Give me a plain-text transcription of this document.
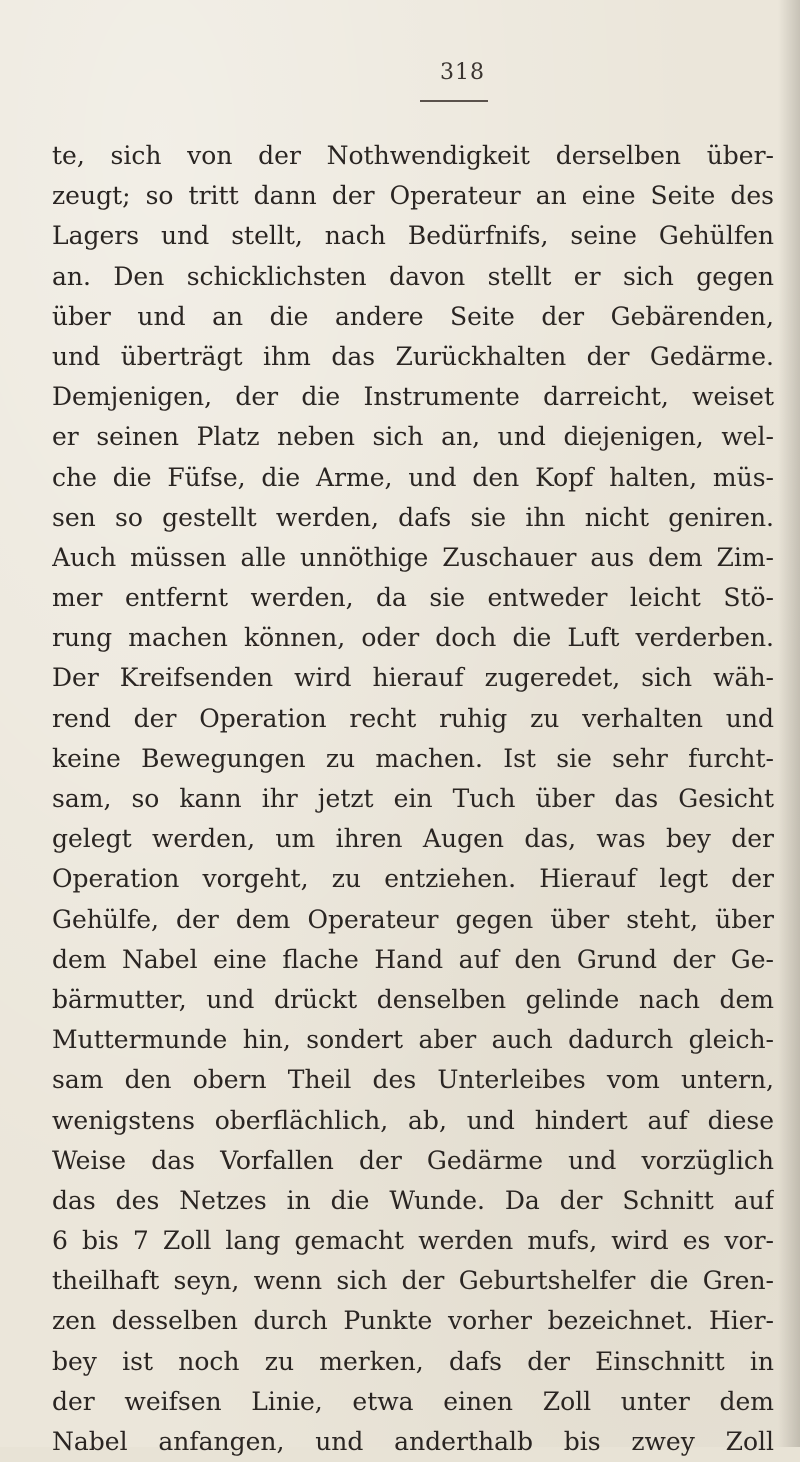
318
te, sich von der Nothwendigkeit derselben über-
zeugt; so tritt dann der Operateur an eine Seite des
Lagers und stellt, nach Bedürfnifs, seine Gehülfen
an. Den schicklichsten davon stellt er sich gegen
über und an die andere Seite der Gebärenden,
und überträgt ihm das Zurückhalten der Gedärme.
Demjenigen, der die Instrumente darreicht, weiset
er seinen Platz neben sich an, und diejenigen, wel-
che die Füfse, die Arme, und den Kopf halten, müs-
sen so gestellt werden, dafs sie ihn nicht geniren.
Auch müssen alle unnöthige Zuschauer aus dem Zim-
mer entfernt werden, da sie entweder leicht Stö-
rung machen können, oder doch die Luft verderben.
Der Kreifsenden wird hierauf zugeredet, sich wäh-
rend der Operation recht ruhig zu verhalten und
keine Bewegungen zu machen. Ist sie sehr furcht-
sam, so kann ihr jetzt ein Tuch über das Gesicht
gelegt werden, um ihren Augen das, was bey der
Operation vorgeht, zu entziehen. Hierauf legt der
Gehülfe, der dem Operateur gegen über steht, über
dem Nabel eine flache Hand auf den Grund der Ge-
bärmutter, und drückt denselben gelinde nach dem
Muttermunde hin, sondert aber auch dadurch gleich-
sam den obern Theil des Unterleibes vom untern,
wenigstens oberflächlich, ab, und hindert auf diese
Weise das Vorfallen der Gedärme und vorzüglich
das des Netzes in die Wunde. Da der Schnitt auf
6 bis 7 Zoll lang gemacht werden mufs, wird es vor-
theilhaft seyn, wenn sich der Geburtshelfer die Gren-
zen desselben durch Punkte vorher bezeichnet. Hier-
bey ist noch zu merken, dafs der Einschnitt in
der weifsen Linie, etwa einen Zoll unter dem
Nabel anfangen, und anderthalb bis zwey Zoll
